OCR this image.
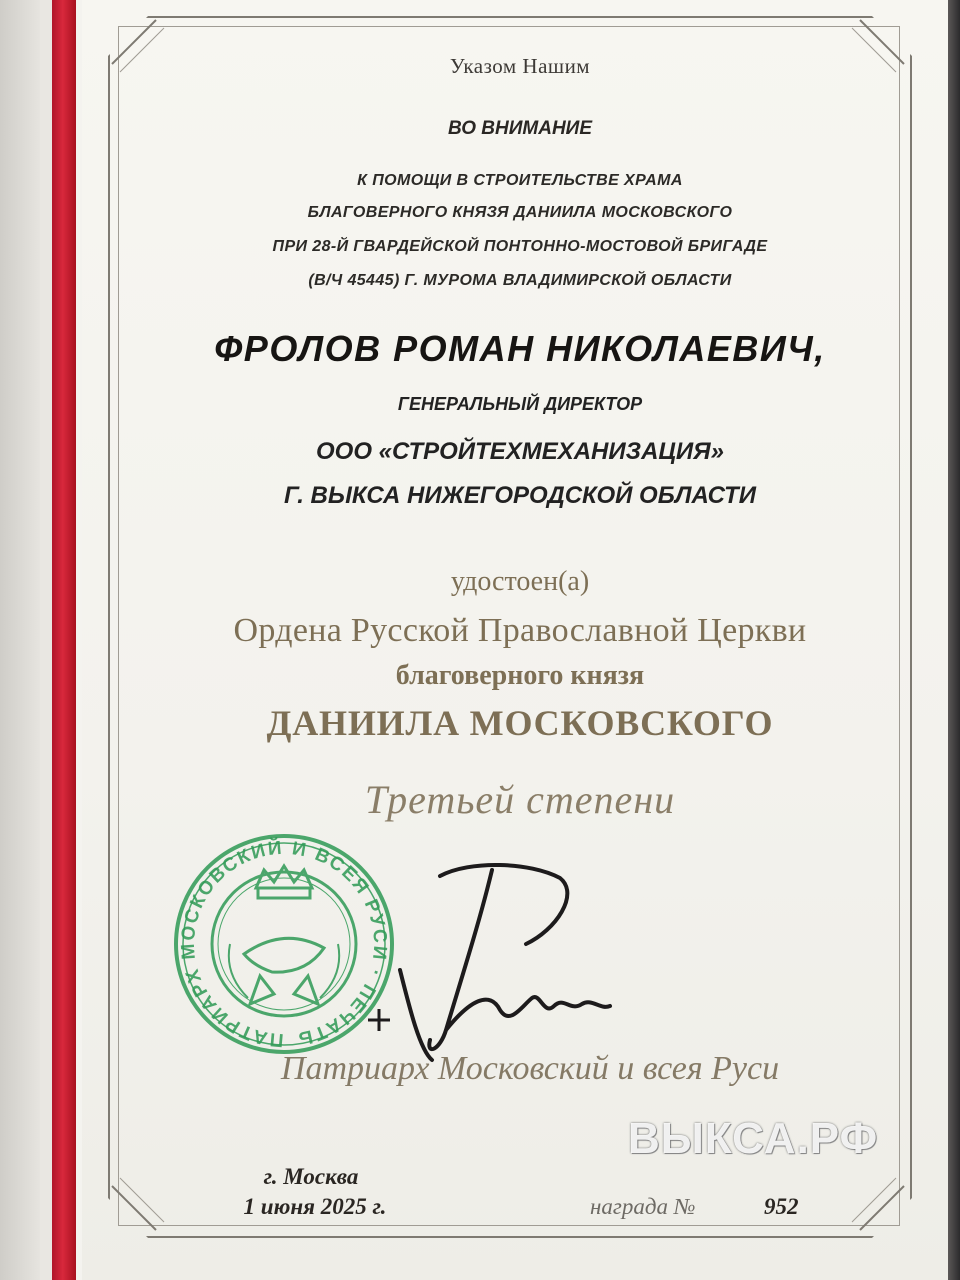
Указом Нашим
ВО ВНИМАНИЕ
К ПОМОЩИ В СТРОИТЕЛЬСТВЕ ХРАМА
БЛАГОВЕРНОГО КНЯЗЯ ДАНИИЛА МОСКОВСКОГО
ПРИ 28-Й ГВАРДЕЙСКОЙ ПОНТОННО-МОСТОВОЙ БРИГАДЕ
(В/Ч 45445) Г. МУРОМА ВЛАДИМИРСКОЙ ОБЛАСТИ
ФРОЛОВ РОМАН НИКОЛАЕВИЧ,
ГЕНЕРАЛЬНЫЙ ДИРЕКТОР
ООО «СТРОЙТЕХМЕХАНИЗАЦИЯ»
Г. ВЫКСА НИЖЕГОРОДСКОЙ ОБЛАСТИ
удостоен(а)
Ордена Русской Православной Церкви
благоверного князя
ДАНИИЛА МОСКОВСКОГО
Третьей степени
ПАТРИАРХ МОСКОВСКИЙ И ВСЕЯ РУСИ · ПЕЧАТЬ
Патриарх Московский и всея Руси
ВЫКСА.РФ
г. Москва
1 июня 2025 г.	награда №	952
